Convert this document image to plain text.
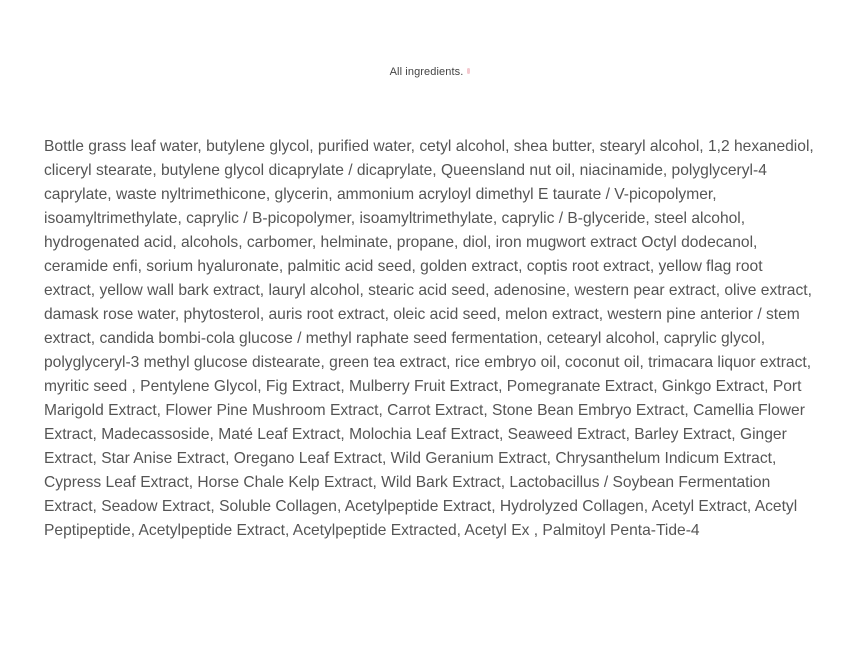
All ingredients.

Bottle grass leaf water, butylene glycol, purified water, cetyl alcohol, shea butter, stearyl alcohol, 1,2 hexanediol, cliceryl stearate, butylene glycol dicaprylate / dicaprylate, Queensland nut oil, niacinamide, polyglyceryl-4 caprylate, waste nyltrimethicone, glycerin, ammonium acryloyl dimethyl E taurate / V-picopolymer, isoamyltrimethylate, caprylic / B-picopolymer, isoamyltrimethylate, caprylic / B-glyceride, steel alcohol, hydrogenated acid, alcohols, carbomer, helminate, propane, diol, iron mugwort extract Octyl dodecanol, ceramide enfi, sorium hyaluronate, palmitic acid seed, golden extract, coptis root extract, yellow flag root extract, yellow wall bark extract, lauryl alcohol, stearic acid seed, adenosine, western pear extract, olive extract, damask rose water, phytosterol, auris root extract, oleic acid seed, melon extract, western pine anterior / stem extract, candida bombi-cola glucose / methyl raphate seed fermentation, cetearyl alcohol, caprylic glycol, polyglyceryl-3 methyl glucose distearate, green tea extract, rice embryo oil, coconut oil, trimacara liquor extract, myritic seed , Pentylene Glycol, Fig Extract, Mulberry Fruit Extract, Pomegranate Extract, Ginkgo Extract, Port Marigold Extract, Flower Pine Mushroom Extract, Carrot Extract, Stone Bean Embryo Extract, Camellia Flower Extract, Madecassoside, Maté Leaf Extract, Molochia Leaf Extract, Seaweed Extract, Barley Extract, Ginger Extract, Star Anise Extract, Oregano Leaf Extract, Wild Geranium Extract, Chrysanthelum Indicum Extract, Cypress Leaf Extract, Horse Chale Kelp Extract, Wild Bark Extract, Lactobacillus / Soybean Fermentation Extract, Seadow Extract, Soluble Collagen, Acetylpeptide Extract, Hydrolyzed Collagen, Acetyl Extract, Acetyl Peptipeptide, Acetylpeptide Extract, Acetylpeptide Extracted, Acetyl Ex , Palmitoyl Penta-Tide-4
